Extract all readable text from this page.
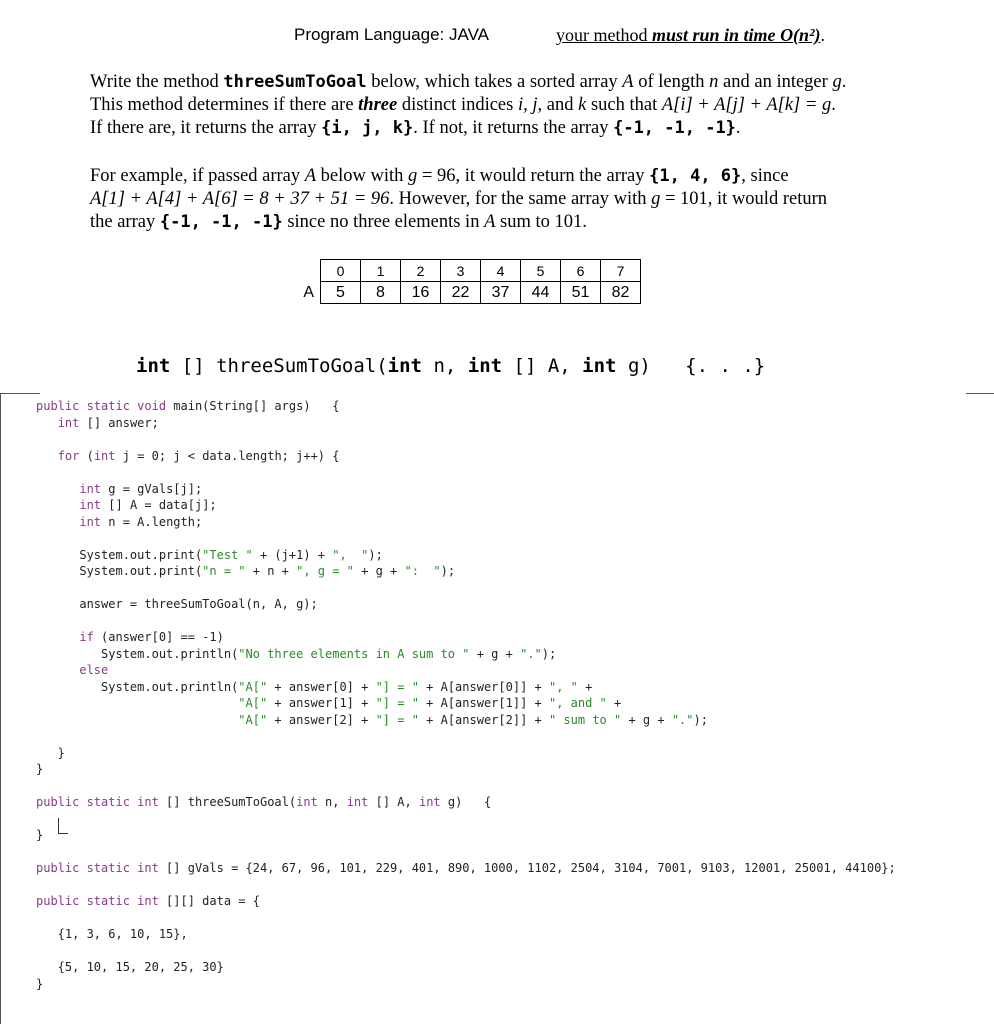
Program Language: JAVA	your method must run in time O(n²).
Write the method threeSumToGoal below, which takes a sorted array A of length n and an integer g.
This method determines if there are three distinct indices i, j, and k such that A[i] + A[j] + A[k] = g.
If there are, it returns the array {i, j, k}. If not, it returns the array {-1, -1, -1}.
For example, if passed array A below with g = 96, it would return the array {1, 4, 6}, since
A[1] + A[4] + A[6] = 8 + 37 + 51 = 96. However, for the same array with g = 101, it would return
the array {-1, -1, -1} since no three elements in A sum to 101.
	0	1	2	3	4	5	6	7
A	5	8	16	22	37	44	51	82
int [] threeSumToGoal(int n, int [] A, int g)   {. . .}
public static void main(String[] args)   {
int [] answer;
for (int j = 0; j < data.length; j++) {
int g = gVals[j];
int [] A = data[j];
int n = A.length;
System.out.print("Test " + (j+1) + ",  ");
System.out.print("n = " + n + ", g = " + g + ":  ");
answer = threeSumToGoal(n, A, g);
if (answer[0] == -1)
System.out.println("No three elements in A sum to " + g + ".");
else
System.out.println("A[" + answer[0] + "] = " + A[answer[0]] + ", " +
"A[" + answer[1] + "] = " + A[answer[1]] + ", and " +
"A[" + answer[2] + "] = " + A[answer[2]] + " sum to " + g + ".");
}
}
public static int [] threeSumToGoal(int n, int [] A, int g)   {
}
public static int [] gVals = {24, 67, 96, 101, 229, 401, 890, 1000, 1102, 2504, 3104, 7001, 9103, 12001, 25001, 44100};
public static int [][] data = {
{1, 3, 6, 10, 15},
{5, 10, 15, 20, 25, 30}
}
